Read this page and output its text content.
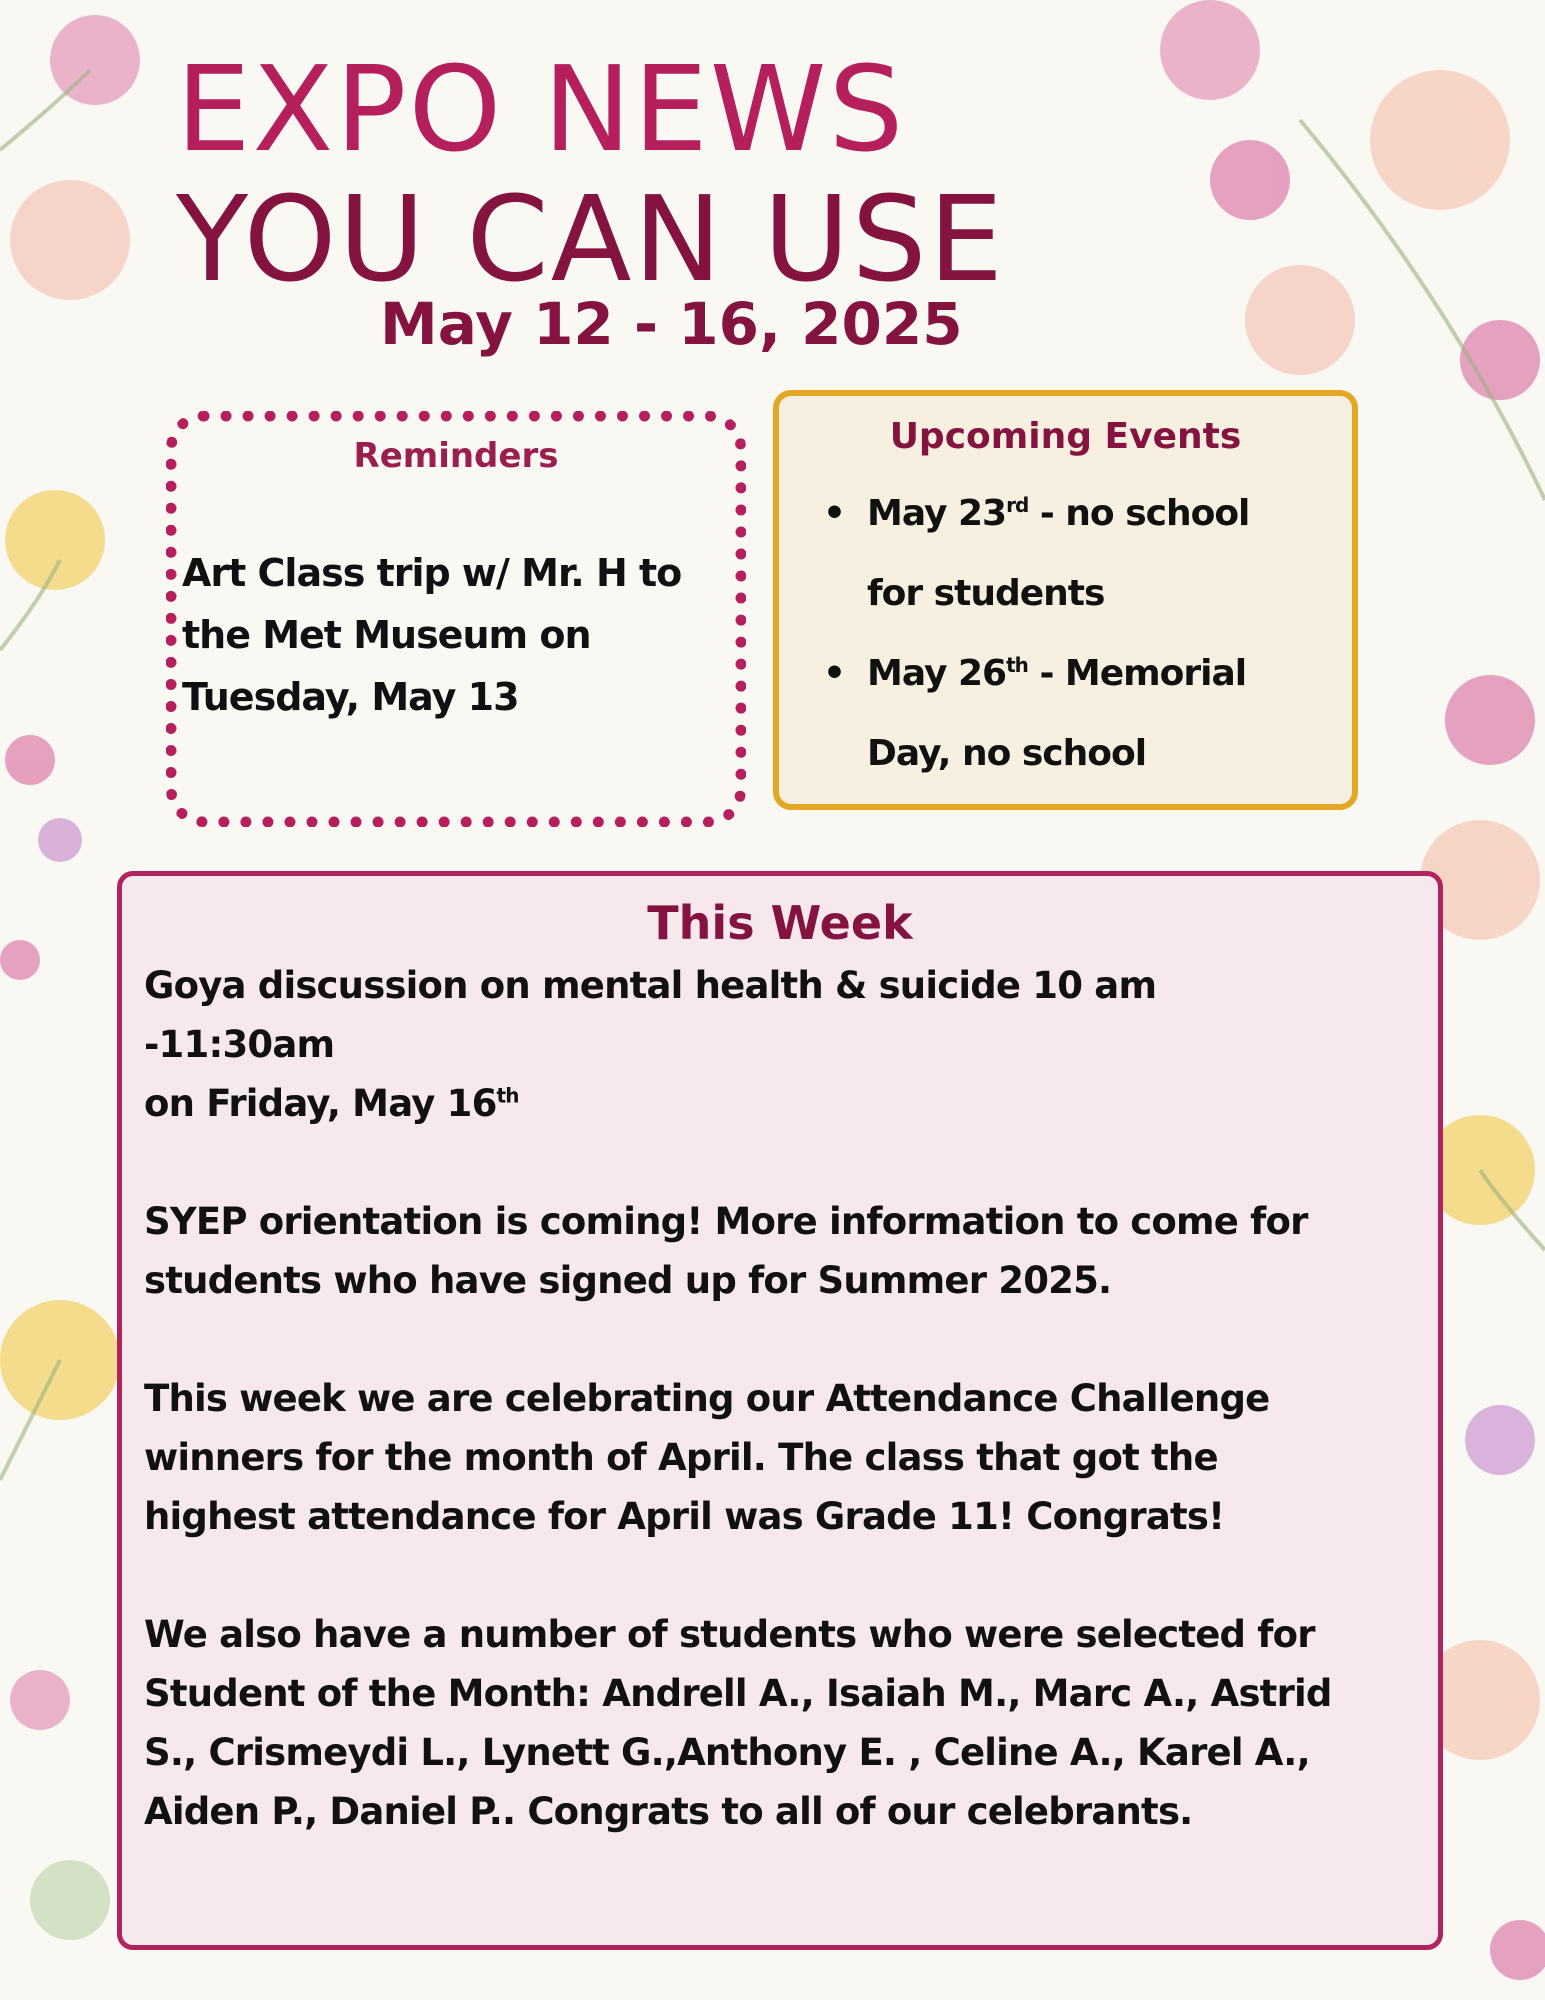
EXPO NEWS
YOU CAN USE
May 12 - 16, 2025
Reminders
Art Class trip w/ Mr. H to
the Met Museum on
Tuesday, May 13
Upcoming Events
• May 23rd - no school
for students
• May 26th - Memorial
Day, no school
This Week

Goya discussion on mental health & suicide 10 am
-11:30am
on Friday, May 16th

SYEP orientation is coming! More information to come for
students who have signed up for Summer 2025.

This week we are celebrating our Attendance Challenge
winners for the month of April. The class that got the
highest attendance for April was Grade 11! Congrats!

We also have a number of students who were selected for
Student of the Month: Andrell A., Isaiah M., Marc A., Astrid
S., Crismeydi L., Lynett G.,Anthony E. , Celine A., Karel A.,
Aiden P., Daniel P.. Congrats to all of our celebrants.
